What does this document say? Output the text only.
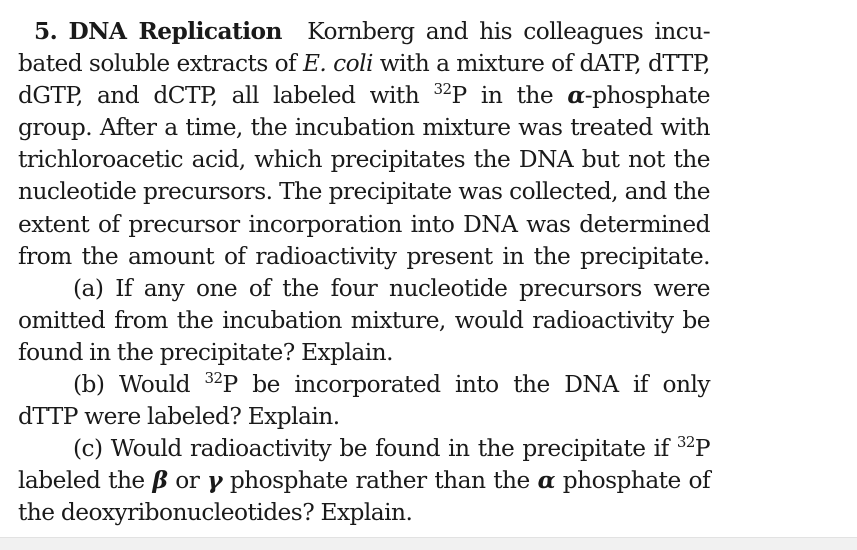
5. DNA Replication Kornberg and his colleagues incu-
bated soluble extracts of E. coli with a mixture of dATP, dTTP,
dGTP, and dCTP, all labeled with $^{32}$P in the α-phosphate
group. After a time, the incubation mixture was treated with
trichloroacetic acid, which precipitates the DNA but not the
nucleotide precursors. The precipitate was collected, and the
extent of precursor incorporation into DNA was determined
from the amount of radioactivity present in the precipitate.
(a) If any one of the four nucleotide precursors were
omitted from the incubation mixture, would radioactivity be
found in the precipitate? Explain.
(b) Would $^{32}$P be incorporated into the DNA if only
dTTP were labeled? Explain.
(c) Would radioactivity be found in the precipitate if $^{32}$P
labeled the β or γ phosphate rather than the α phosphate of
the deoxyribonucleotides? Explain.
